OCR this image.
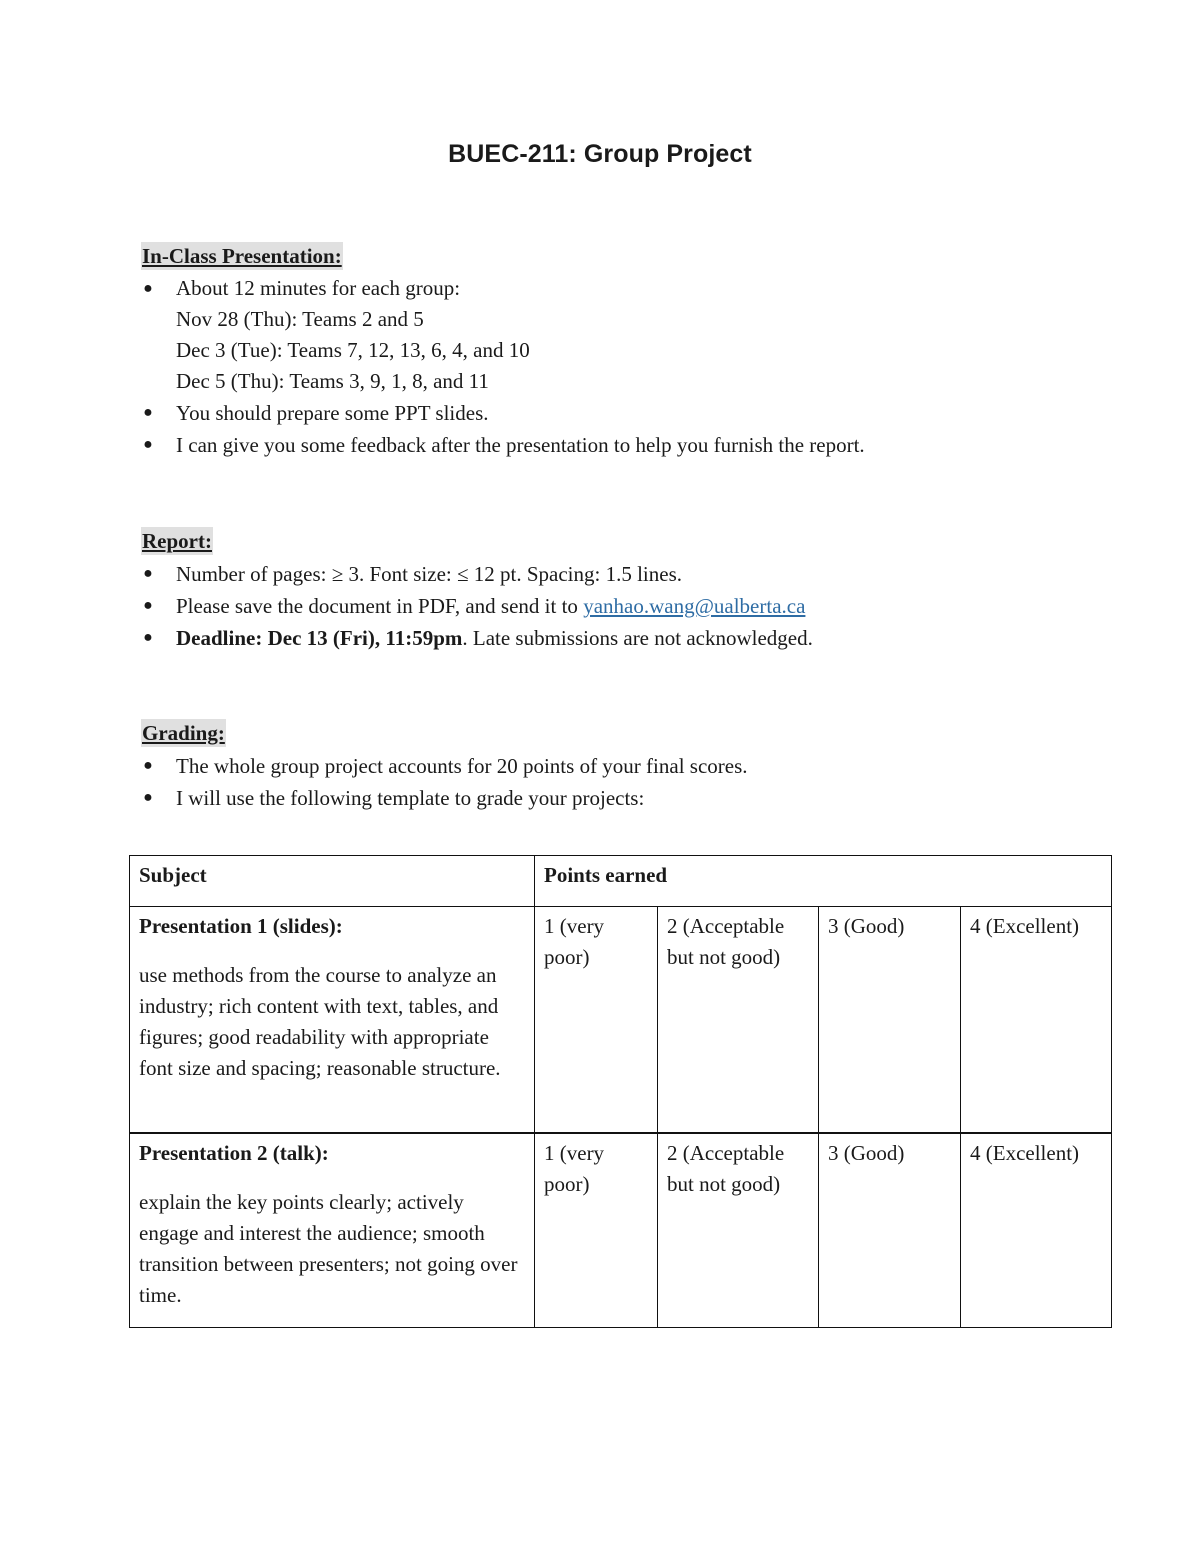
BUEC-211: Group Project
In-Class Presentation:
● About 12 minutes for each group:
Nov 28 (Thu): Teams 2 and 5
Dec 3 (Tue): Teams 7, 12, 13, 6, 4, and 10
Dec 5 (Thu): Teams 3, 9, 1, 8, and 11
● You should prepare some PPT slides.
● I can give you some feedback after the presentation to help you furnish the report.
Report:
● Number of pages: ≥ 3. Font size: ≤ 12 pt. Spacing: 1.5 lines.
● Please save the document in PDF, and send it to yanhao.wang@ualberta.ca
● Deadline: Dec 13 (Fri), 11:59pm. Late submissions are not acknowledged.
Grading:
● The whole group project accounts for 20 points of your final scores.
● I will use the following template to grade your projects:
Subject	Points earned			

Presentation 1 (slides):
use methods from the course to analyze an industry; rich content with text, tables, and figures; good readability with appropriate font size and spacing; reasonable structure.	1 (very poor)	2 (Acceptable but not good)	3 (Good)	4 (Excellent)

Presentation 2 (talk):
explain the key points clearly; actively engage and interest the audience; smooth transition between presenters; not going over time.	1 (very poor)	2 (Acceptable but not good)	3 (Good)	4 (Excellent)
